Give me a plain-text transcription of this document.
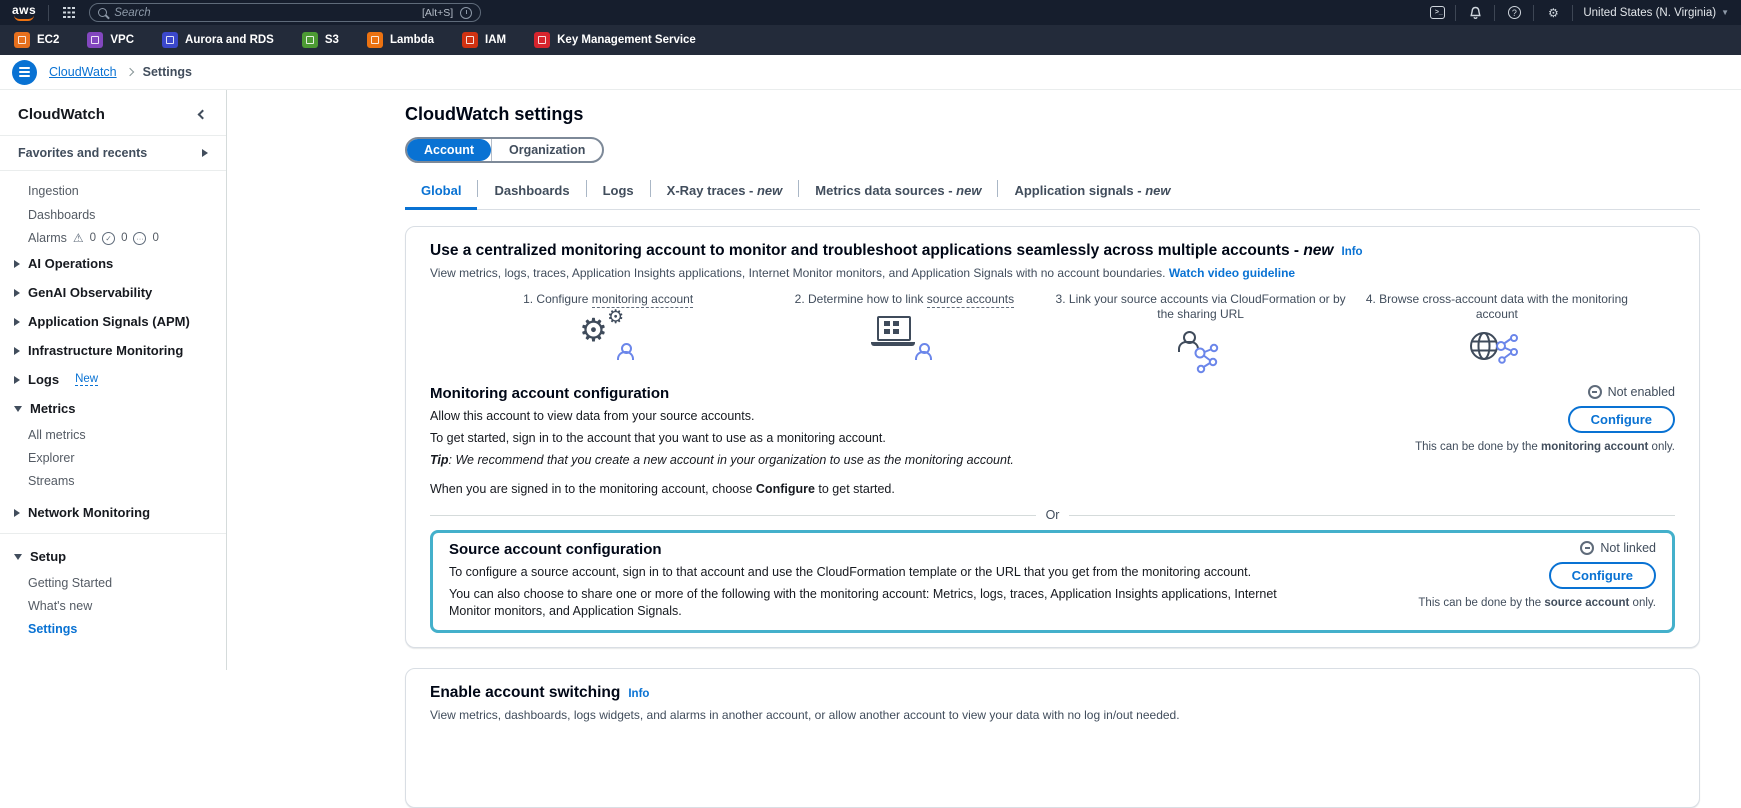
aws	Search	[Alt+S]	>_	?	⚙	United States (N. Virginia) ▼
EC2	VPC	Aurora and RDS	S3	Lambda	IAM	Key Management Service
CloudWatch Settings
CloudWatch
Favorites and recents
Ingestion
Dashboards
Alarms ⚠ 0	✓ 0	··· 0
AI Operations
GenAI Observability
Application Signals (APM)
Infrastructure Monitoring
Logs New
Metrics
All metrics
Explorer
Streams
Network Monitoring
Setup
Getting Started
What's new
Settings
CloudWatch settings
Account	Organization
Global	Dashboards	Logs	X-Ray traces - new	Metrics data sources - new	Application signals - new
Use a centralized monitoring account to monitor and troubleshoot applications seamlessly across multiple accounts - new Info
View metrics, logs, traces, Application Insights applications, Internet Monitor monitors, and Application Signals with no account boundaries. Watch video guideline
1. Configure monitoring account
⚙ ⚙
2. Determine how to link source accounts	3. Link your source accounts via CloudFormation or by the sharing URL
4. Browse cross-account data with the monitoring account
Monitoring account configuration

Allow this account to view data from your source accounts.

To get started, sign in to the account that you want to use as a monitoring account.

Tip: We recommend that you create a new account in your organization to use as the monitoring account.

When you are signed in to the monitoring account, choose Configure to get started.

Not enabled
Configure
This can be done by the monitoring account only.
Or
Source account configuration

To configure a source account, sign in to that account and use the CloudFormation template or the URL that you get from the monitoring account.

You can also choose to share one or more of the following with the monitoring account: Metrics, logs, traces, Application Insights applications, Internet Monitor monitors, and Application Signals.

Not linked
Configure
This can be done by the source account only.
Enable account switching Info
View metrics, dashboards, logs widgets, and alarms in another account, or allow another account to view your data with no log in/out needed.
